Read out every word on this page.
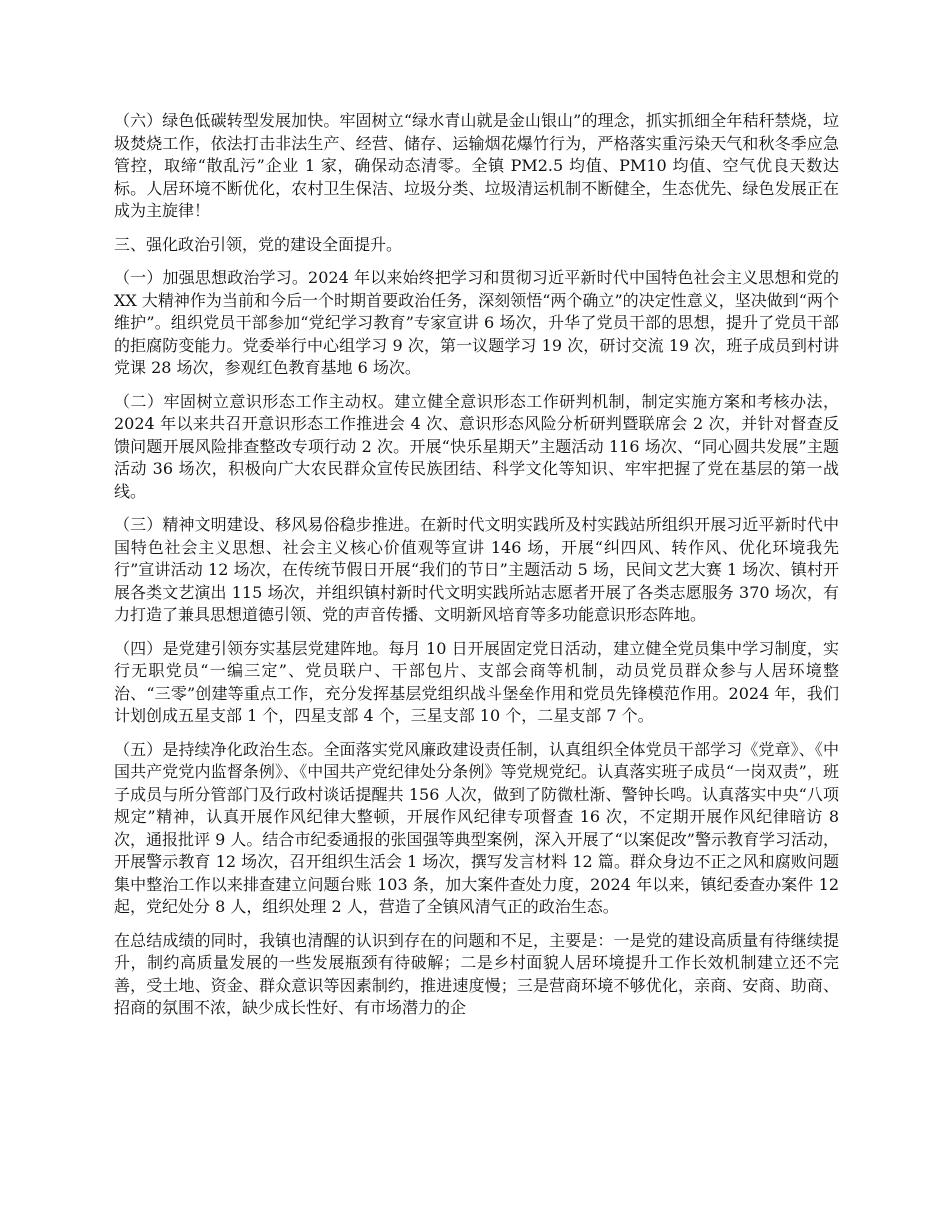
（六）绿色低碳转型发展加快。牢固树立“绿水青山就是金山银山”的理念，抓实抓细全年秸秆禁烧，垃圾焚烧工作，依法打击非法生产、经营、储存、运输烟花爆竹行为，严格落实重污染天气和秋冬季应急管控，取缔“散乱污”企业 1 家，确保动态清零。全镇 PM2.5 均值、PM10 均值、空气优良天数达标。人居环境不断优化，农村卫生保洁、垃圾分类、垃圾清运机制不断健全，生态优先、绿色发展正在成为主旋律！

三、强化政治引领，党的建设全面提升。

（一）加强思想政治学习。2024 年以来始终把学习和贯彻习近平新时代中国特色社会主义思想和党的 XX 大精神作为当前和今后一个时期首要政治任务，深刻领悟“两个确立”的决定性意义，坚决做到“两个维护”。组织党员干部参加“党纪学习教育”专家宣讲 6 场次，升华了党员干部的思想，提升了党员干部的拒腐防变能力。党委举行中心组学习 9 次，第一议题学习 19 次，研讨交流 19 次，班子成员到村讲党课 28 场次，参观红色教育基地 6 场次。

（二）牢固树立意识形态工作主动权。建立健全意识形态工作研判机制，制定实施方案和考核办法，2024 年以来共召开意识形态工作推进会 4 次、意识形态风险分析研判暨联席会 2 次，并针对督查反馈问题开展风险排查整改专项行动 2 次。开展“快乐星期天”主题活动 116 场次、“同心圆共发展”主题活动 36 场次，积极向广大农民群众宣传民族团结、科学文化等知识、牢牢把握了党在基层的第一战线。

（三）精神文明建设、移风易俗稳步推进。在新时代文明实践所及村实践站所组织开展习近平新时代中国特色社会主义思想、社会主义核心价值观等宣讲 146 场，开展“纠四风、转作风、优化环境我先行”宣讲活动 12 场次，在传统节假日开展“我们的节日”主题活动 5 场，民间文艺大赛 1 场次、镇村开展各类文艺演出 115 场次，并组织镇村新时代文明实践所站志愿者开展了各类志愿服务 370 场次，有力打造了兼具思想道德引领、党的声音传播、文明新风培育等多功能意识形态阵地。

（四）是党建引领夯实基层党建阵地。每月 10 日开展固定党日活动，建立健全党员集中学习制度，实行无职党员“一编三定”、党员联户、干部包片、支部会商等机制，动员党员群众参与人居环境整治、“三零”创建等重点工作，充分发挥基层党组织战斗堡垒作用和党员先锋模范作用。2024 年，我们计划创成五星支部 1 个，四星支部 4 个，三星支部 10 个，二星支部 7 个。

（五）是持续净化政治生态。全面落实党风廉政建设责任制，认真组织全体党员干部学习《党章》、《中国共产党党内监督条例》、《中国共产党纪律处分条例》等党规党纪。认真落实班子成员“一岗双责”，班子成员与所分管部门及行政村谈话提醒共 156 人次，做到了防微杜渐、警钟长鸣。认真落实中央“八项规定”精神，认真开展作风纪律大整顿，开展作风纪律专项督查 16 次，不定期开展作风纪律暗访 8 次，通报批评 9 人。结合市纪委通报的张国强等典型案例，深入开展了“以案促改”警示教育学习活动，开展警示教育 12 场次，召开组织生活会 1 场次，撰写发言材料 12 篇。群众身边不正之风和腐败问题集中整治工作以来排查建立问题台账 103 条，加大案件查处力度，2024 年以来，镇纪委查办案件 12 起，党纪处分 8 人，组织处理 2 人，营造了全镇风清气正的政治生态。

在总结成绩的同时，我镇也清醒的认识到存在的问题和不足，主要是：一是党的建设高质量有待继续提升，制约高质量发展的一些发展瓶颈有待破解；二是乡村面貌人居环境提升工作长效机制建立还不完善，受土地、资金、群众意识等因素制约，推进速度慢；三是营商环境不够优化，亲商、安商、助商、招商的氛围不浓，缺少成长性好、有市场潜力的企
